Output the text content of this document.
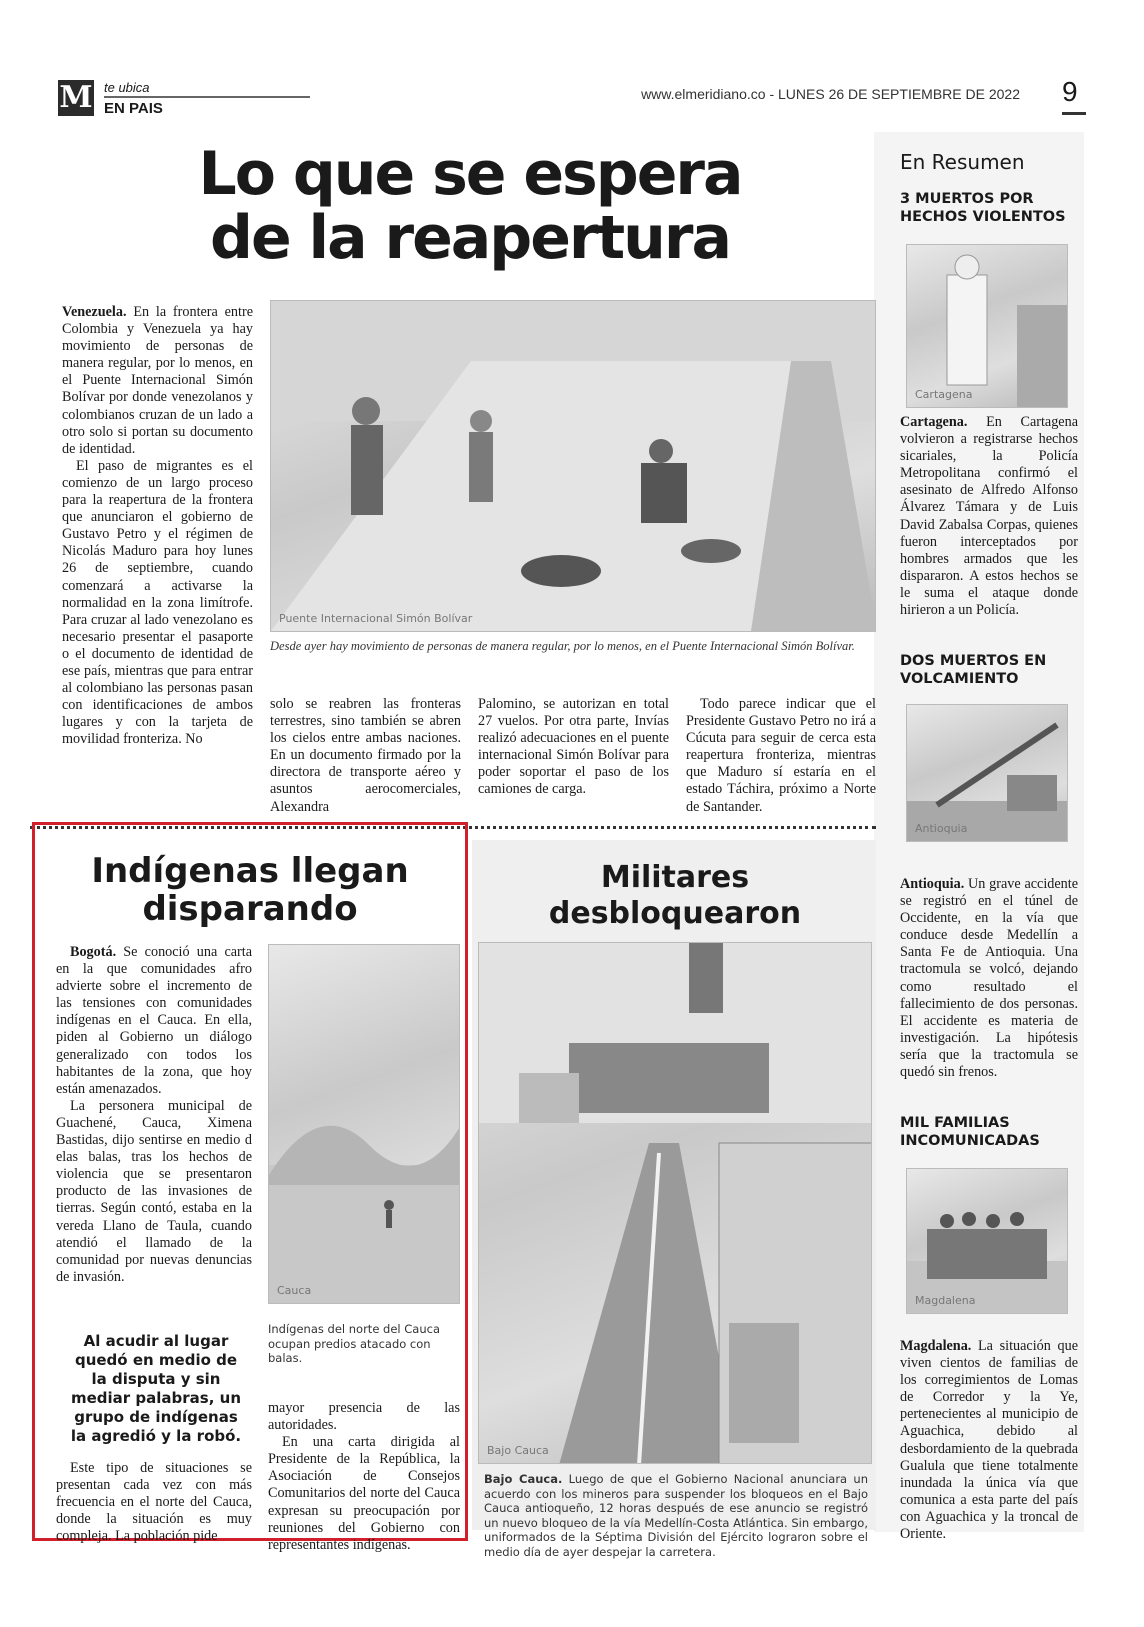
M te ubica
EN PAIS
www.elmeridiano.co - LUNES 26 DE SEPTIEMBRE DE 2022 9
Lo que se espera de la reapertura

Venezuela. En la frontera entre Colombia y Venezuela ya hay movimiento de personas de manera regular, por lo menos, en el Puente Internacional Simón Bolívar por donde venezolanos y colombianos cruzan de un lado a otro solo si portan su documento de identidad.

El paso de migrantes es el comienzo de un largo proceso para la reapertura de la frontera que anunciaron el gobierno de Gustavo Petro y el régimen de Nicolás Maduro para hoy lunes 26 de septiembre, cuando comenzará a activarse la normalidad en la zona limítrofe. Para cruzar al lado venezolano es necesario presentar el pasaporte o el documento de identidad de ese país, mientras que para entrar al colombiano las personas pasan con identificaciones de ambos lugares y con la tarjeta de movilidad fronteriza. No

Puente Internacional Simón Bolívar
Desde ayer hay movimiento de personas de manera regular, por lo menos, en el Puente Internacional Simón Bolívar.

solo se reabren las fronteras terrestres, sino también se abren los cielos entre ambas naciones. En un documento firmado por la directora de transporte aéreo y asuntos aerocomerciales, Alexandra

Palomino, se autorizan en total 27 vuelos. Por otra parte, Invías realizó adecuaciones en el puente internacional Simón Bolívar para poder soportar el paso de los camiones de carga.

Todo parece indicar que el Presidente Gustavo Petro no irá a Cúcuta para seguir de cerca esta reapertura fronteriza, mientras que Maduro sí estaría en el estado Táchira, próximo a Norte de Santander.

En Resumen
3 MUERTOS POR HECHOS VIOLENTOS
Cartagena

Cartagena. En Cartagena volvieron a registrarse hechos sicariales, la Policía Metropolitana confirmó el asesinato de Alfredo Alfonso Álvarez Támara y de Luis David Zabalsa Corpas, quienes fueron interceptados por hombres armados que les dispararon. A estos hechos se le suma el ataque donde hirieron a un Policía.

DOS MUERTOS EN VOLCAMIENTO
Antioquia

Antioquia. Un grave accidente se registró en el túnel de Occidente, en la vía que conduce desde Medellín a Santa Fe de Antioquia. Una tractomula se volcó, dejando como resultado el fallecimiento de dos personas. El accidente es materia de investigación. La hipótesis sería que la tractomula se quedó sin frenos.

MIL FAMILIAS INCOMUNICADAS
Magdalena

Magdalena. La situación que viven cientos de familias de los corregimientos de Lomas de Corredor y la Ye, pertenecientes al municipio de Aguachica, debido al desbordamiento de la quebrada Gualula que tiene totalmente inundada la única vía que comunica a esta parte del país con Aguachica y la troncal de Oriente.

Indígenas llegan disparando

Bogotá. Se conoció una carta en la que comunidades afro advierte sobre el incremento de las tensiones con comunidades indígenas en el Cauca. En ella, piden al Gobierno un diálogo generalizado con todos los habitantes de la zona, que hoy están amenazados.

La personera municipal de Guachené, Cauca, Ximena Bastidas, dijo sentirse en medio d elas balas, tras los hechos de violencia que se presentaron producto de las invasiones de tierras. Según contó, estaba en la vereda Llano de Taula, cuando atendió el llamado de la comunidad por nuevas denuncias de invasión.

Al acudir al lugar quedó en medio de la disputa y sin mediar palabras, un grupo de indígenas la agredió y la robó.

Este tipo de situaciones se presentan cada vez con más frecuencia en el norte del Cauca, donde la situación es muy compleja. La población pide

Cauca
Indígenas del norte del Cauca ocupan predios atacado con balas.

mayor presencia de las autoridades.

En una carta dirigida al Presidente de la República, la Asociación de Consejos Comunitarios del norte del Cauca expresan su preocupación por reuniones del Gobierno con representantes indígenas.

Militares desbloquearon
Bajo Cauca
Bajo Cauca. Luego de que el Gobierno Nacional anunciara un acuerdo con los mineros para suspender los bloqueos en el Bajo Cauca antioqueño, 12 horas después de ese anuncio se registró un nuevo bloqueo de la vía Medellín-Costa Atlántica. Sin embargo, uniformados de la Séptima División del Ejército lograron sobre el medio día de ayer despejar la carretera.
